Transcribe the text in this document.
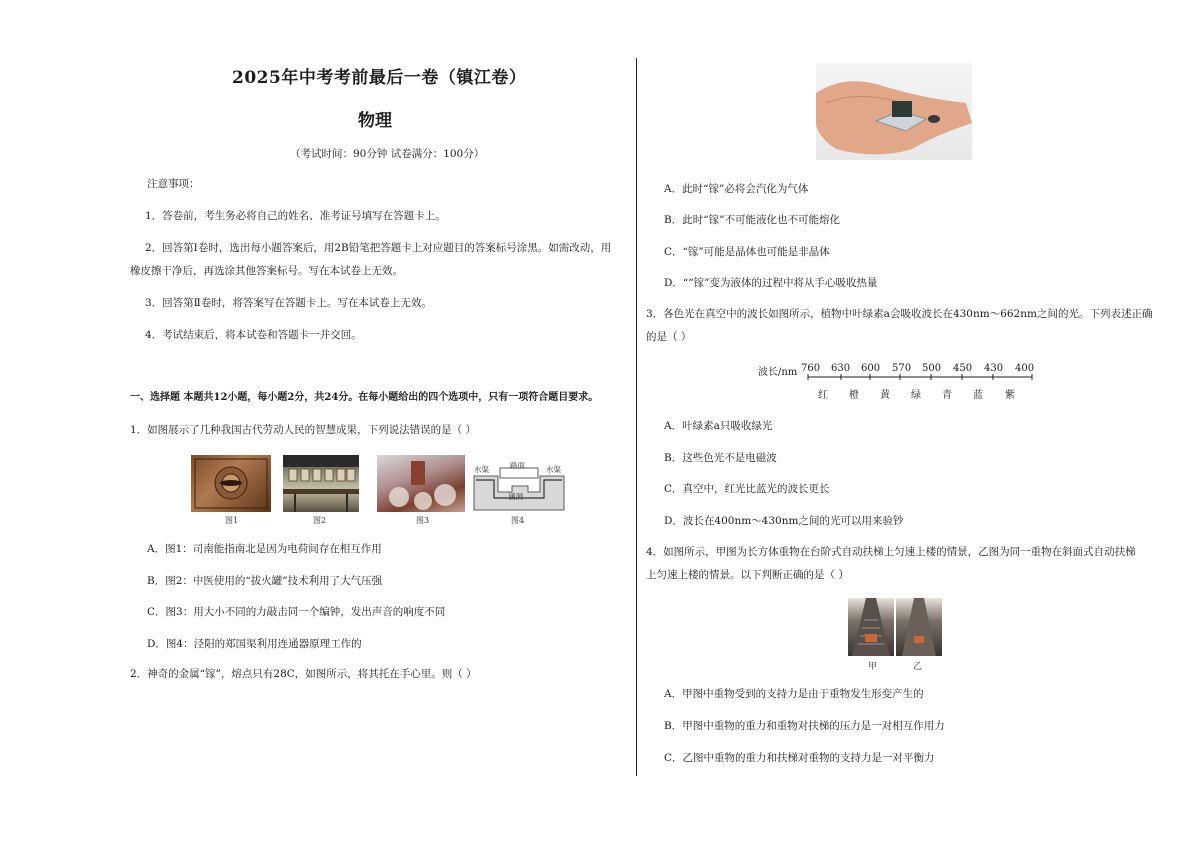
2025年中考考前最后一卷（镇江卷）
物理
（考试时间：90分钟 试卷满分：100分）
注意事项：
1．答卷前，考生务必将自己的姓名、准考证号填写在答题卡上。
2．回答第Ⅰ卷时，选出每小题答案后，用2B铅笔把答题卡上对应题目的答案标号涂黑。如需改动，用
橡皮擦干净后，再选涂其他答案标号。写在本试卷上无效。
3．回答第Ⅱ卷时，将答案写在答题卡上。写在本试卷上无效。
4．考试结束后，将本试卷和答题卡一并交回。
一、选择题 本题共12小题，每小题2分，共24分。在每小题给出的四个选项中，只有一项符合题目要求。
1．如图展示了几种我国古代劳动人民的智慧成果，下列说法错误的是（ ）
图1	图2	图3
水渠	路面	水渠
涵洞
图4
A．图1：司南能指南北是因为电荷间存在相互作用
B．图2：中医使用的“拔火罐”技术利用了大气压强
C．图3：用大小不同的力敲击同一个编钟，发出声音的响度不同
D．图4：泾阳的郑国渠利用连通器原理工作的
2．神奇的金属“镓”，熔点只有28C，如图所示，将其托在手心里。则（ ）
A．此时“镓”必将会汽化为气体
B．此时“镓”不可能液化也不可能熔化
C．“镓”可能是晶体也可能是非晶体
D．“”镓”变为液体的过程中将从手心吸收热量
3．各色光在真空中的波长如图所示，植物中叶绿素a会吸收波长在430nm～662nm之间的光。下列表述正确
的是（ ）
波长/nm 760 630 600 570 500 450 430 400
红 橙 黄 绿 青 蓝 紫
A．叶绿素a只吸收绿光
B．这些色光不是电磁波
C．真空中，红光比蓝光的波长更长
D．波长在400nm～430nm之间的光可以用来验钞
4．如图所示，甲图为长方体重物在台阶式自动扶梯上匀速上楼的情景，乙图为同一重物在斜面式自动扶梯
上匀速上楼的情景。以下判断正确的是（ ）
甲	乙
A．甲图中重物受到的支持力是由于重物发生形变产生的
B．甲图中重物的重力和重物对扶梯的压力是一对相互作用力
C．乙图中重物的重力和扶梯对重物的支持力是一对平衡力
